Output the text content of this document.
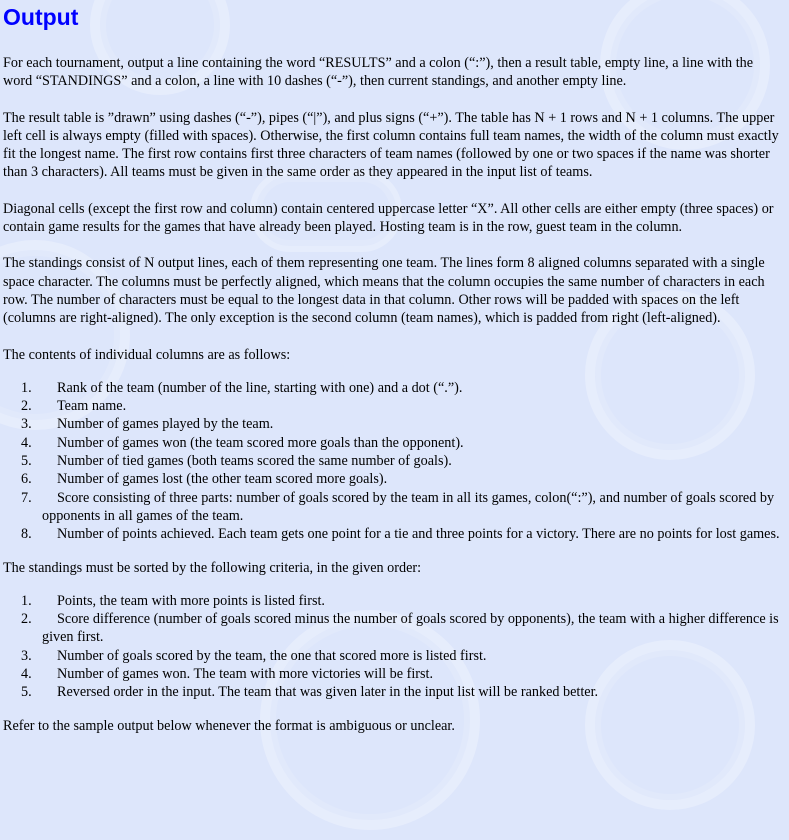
Output

For each tournament, output a line containing the word “RESULTS” and a colon (“:”), then a result table, empty line, a line with the word “STANDINGS” and a colon, a line with 10 dashes (“-”), then current standings, and another empty line.

The result table is ”drawn” using dashes (“-”), pipes (“|”), and plus signs (“+”). The table has N + 1 rows and N + 1 columns. The upper left cell is always empty (filled with spaces). Otherwise, the first column contains full team names, the width of the column must exactly fit the longest name. The first row contains first three characters of team names (followed by one or two spaces if the name was shorter than 3 characters). All teams must be given in the same order as they appeared in the input list of teams.

Diagonal cells (except the first row and column) contain centered uppercase letter “X”. All other cells are either empty (three spaces) or contain game results for the games that have already been played. Hosting team is in the row, guest team in the column.

The standings consist of N output lines, each of them representing one team. The lines form 8 aligned columns separated with a single space character. The columns must be perfectly aligned, which means that the column occupies the same number of characters in each row. The number of characters must be equal to the longest data in that column. Other rows will be padded with spaces on the left (columns are right-aligned). The only exception is the second column (team names), which is padded from right (left-aligned).

The contents of individual columns are as follows:

1.	Rank of the team (number of the line, starting with one) and a dot (“.”).
2.	Team name.
3.	Number of games played by the team.
4.	Number of games won (the team scored more goals than the opponent).
5.	Number of tied games (both teams scored the same number of goals).
6.	Number of games lost (the other team scored more goals).
7.	Score consisting of three parts: number of goals scored by the team in all its games, colon(“:”), and number of goals scored by opponents in all games of the team.
8.	Number of points achieved. Each team gets one point for a tie and three points for a victory. There are no points for lost games.

The standings must be sorted by the following criteria, in the given order:

1.	Points, the team with more points is listed first.
2.	Score difference (number of goals scored minus the number of goals scored by opponents), the team with a higher difference is given first.
3.	Number of goals scored by the team, the one that scored more is listed first.
4.	Number of games won. The team with more victories will be first.
5.	Reversed order in the input. The team that was given later in the input list will be ranked better.

Refer to the sample output below whenever the format is ambiguous or unclear.
